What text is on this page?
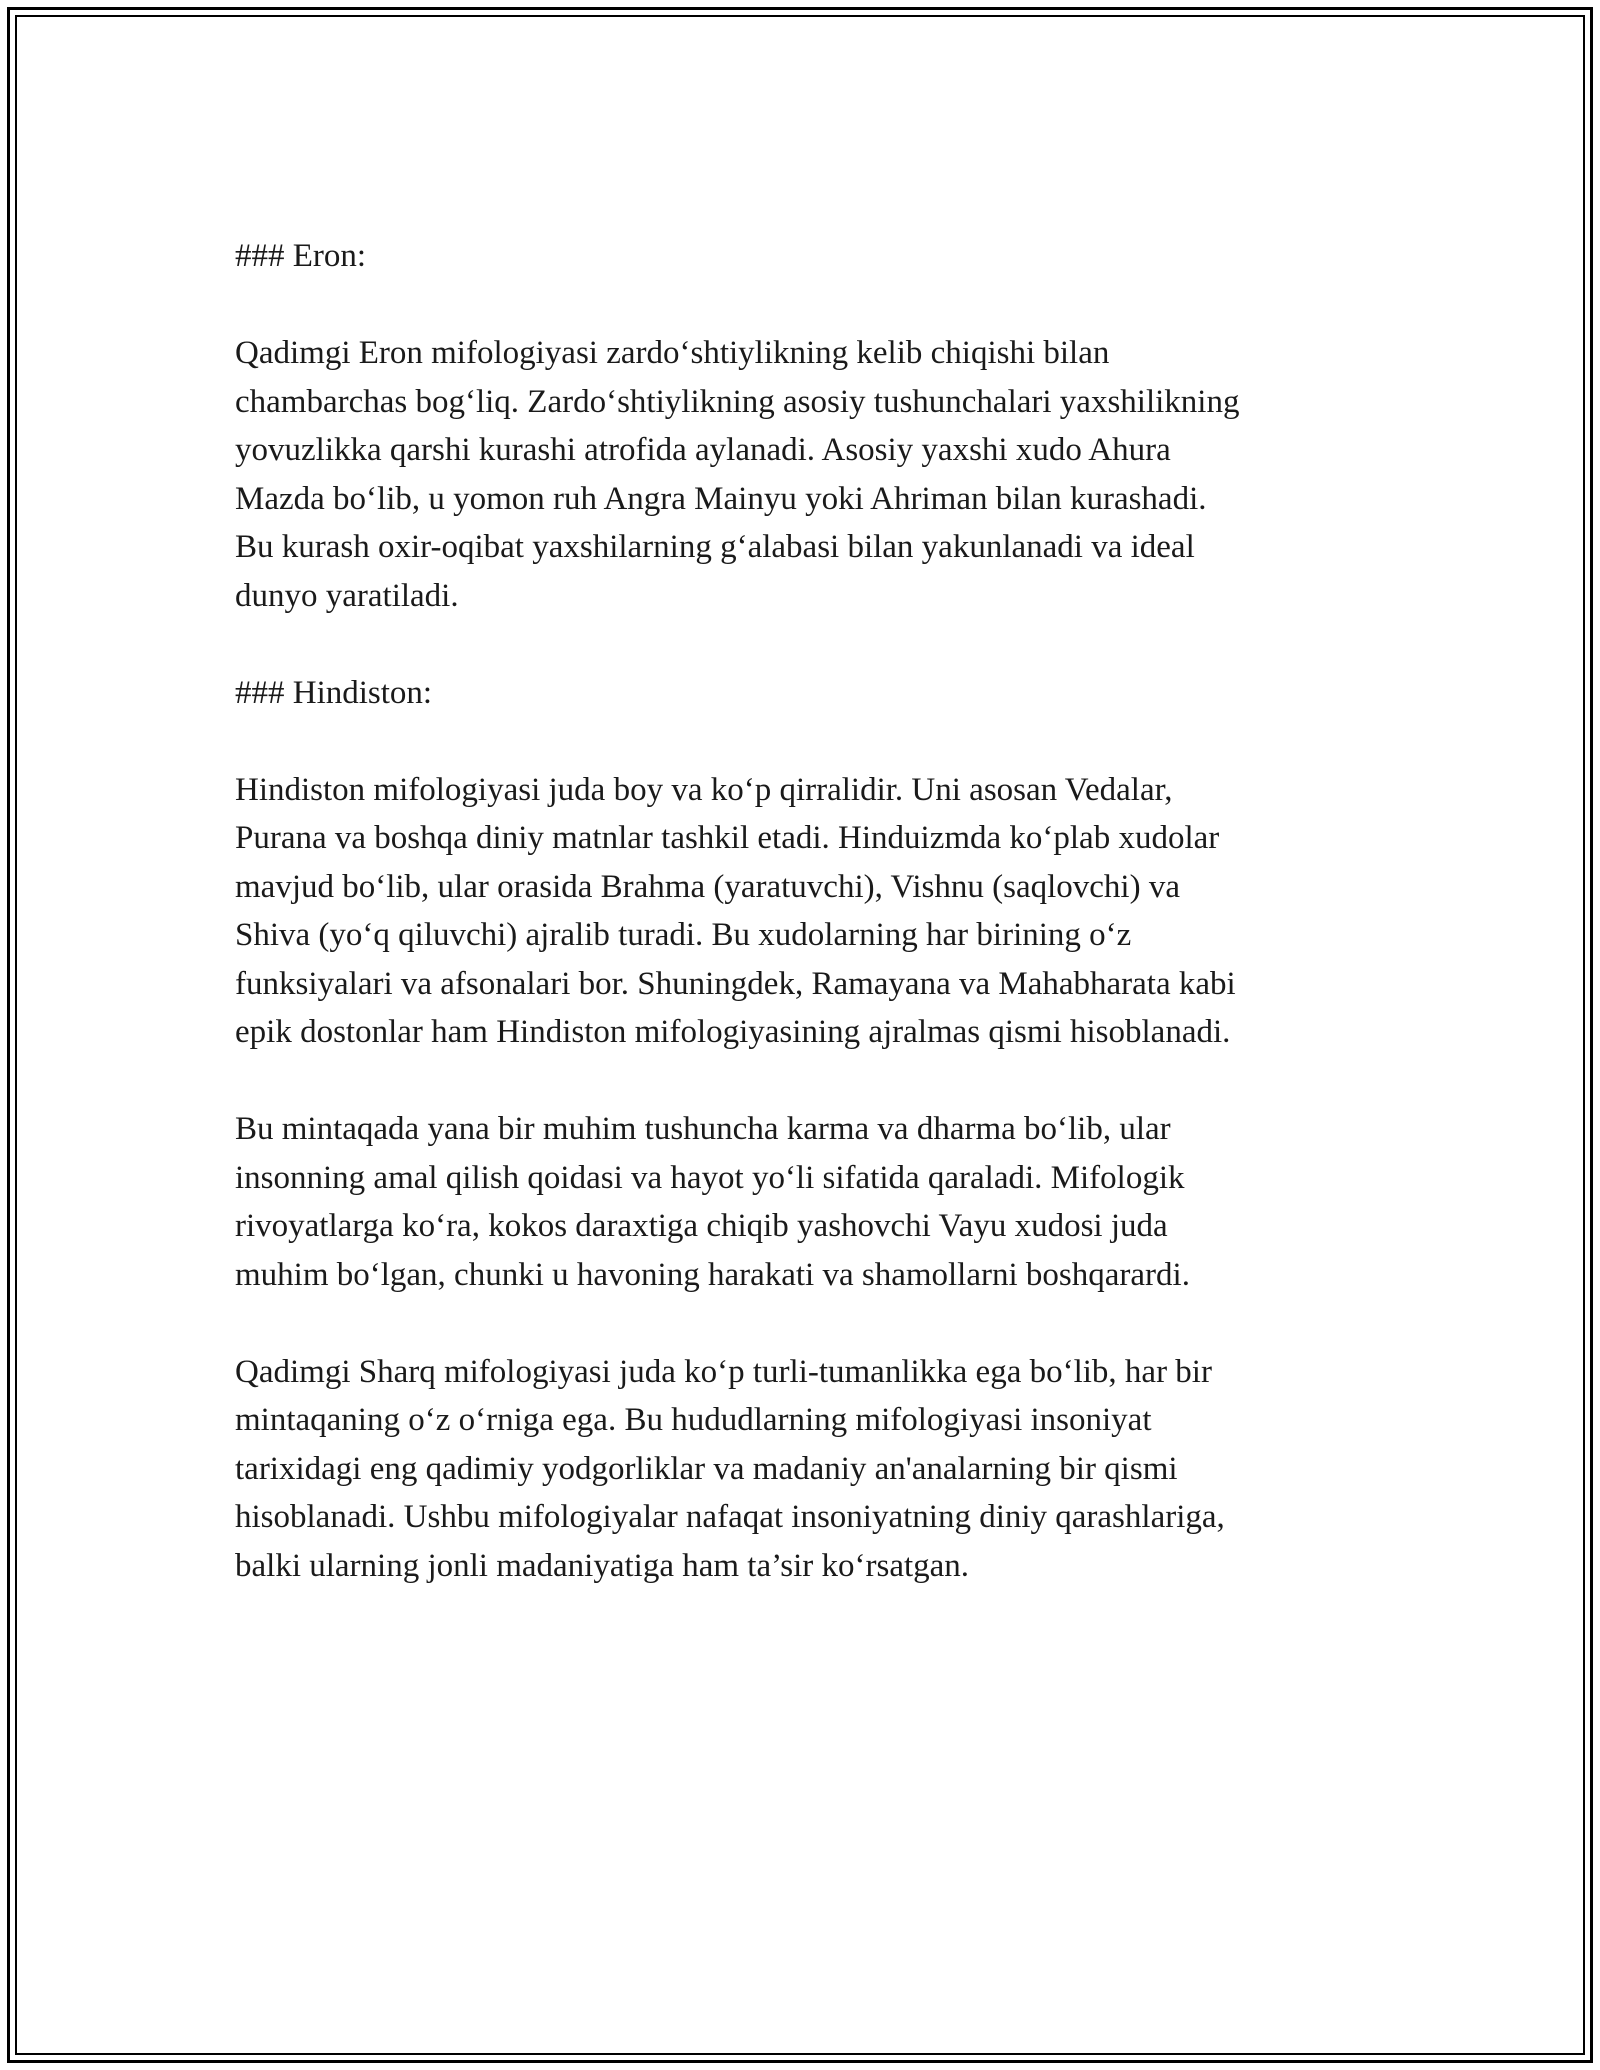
### Eron:

Qadimgi Eron mifologiyasi zardo‘shtiylikning kelib chiqishi bilan
chambarchas bog‘liq. Zardo‘shtiylikning asosiy tushunchalari yaxshilikning
yovuzlikka qarshi kurashi atrofida aylanadi. Asosiy yaxshi xudo Ahura
Mazda bo‘lib, u yomon ruh Angra Mainyu yoki Ahriman bilan kurashadi.
Bu kurash oxir-oqibat yaxshilarning g‘alabasi bilan yakunlanadi va ideal
dunyo yaratiladi.

### Hindiston:

Hindiston mifologiyasi juda boy va ko‘p qirralidir. Uni asosan Vedalar,
Purana va boshqa diniy matnlar tashkil etadi. Hinduizmda ko‘plab xudolar
mavjud bo‘lib, ular orasida Brahma (yaratuvchi), Vishnu (saqlovchi) va
Shiva (yo‘q qiluvchi) ajralib turadi. Bu xudolarning har birining o‘z
funksiyalari va afsonalari bor. Shuningdek, Ramayana va Mahabharata kabi
epik dostonlar ham Hindiston mifologiyasining ajralmas qismi hisoblanadi.

Bu mintaqada yana bir muhim tushuncha karma va dharma bo‘lib, ular
insonning amal qilish qoidasi va hayot yo‘li sifatida qaraladi. Mifologik
rivoyatlarga ko‘ra, kokos daraxtiga chiqib yashovchi Vayu xudosi juda
muhim bo‘lgan, chunki u havoning harakati va shamollarni boshqarardi.

Qadimgi Sharq mifologiyasi juda ko‘p turli-tumanlikka ega bo‘lib, har bir
mintaqaning o‘z o‘rniga ega. Bu hududlarning mifologiyasi insoniyat
tarixidagi eng qadimiy yodgorliklar va madaniy an'analarning bir qismi
hisoblanadi. Ushbu mifologiyalar nafaqat insoniyatning diniy qarashlariga,
balki ularning jonli madaniyatiga ham ta’sir ko‘rsatgan.
